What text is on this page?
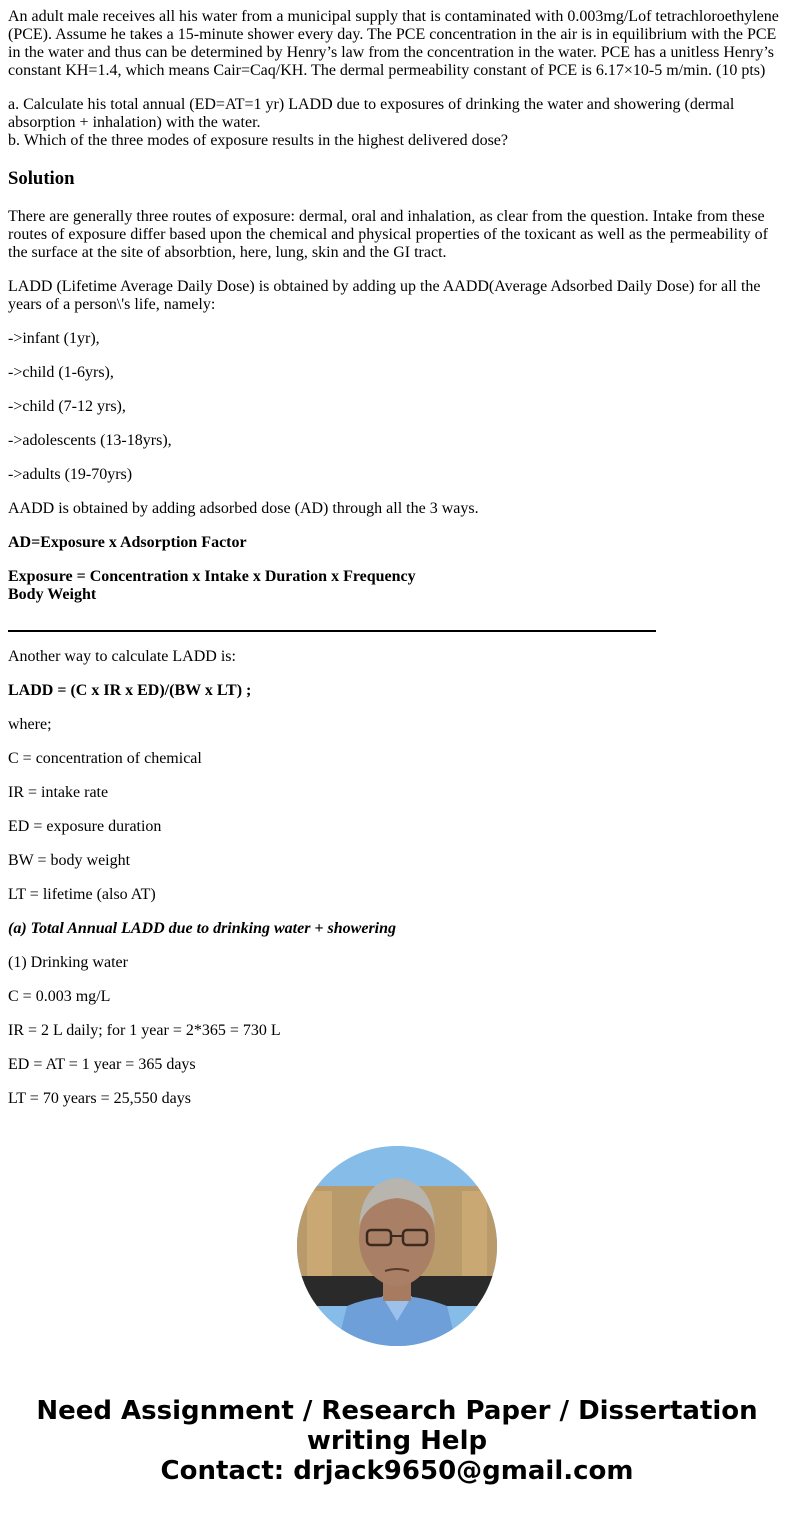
An adult male receives all his water from a municipal supply that is contaminated with 0.003mg/Lof tetrachloroethylene (PCE). Assume he takes a 15-minute shower every day. The PCE concentration in the air is in equilibrium with the PCE in the water and thus can be determined by Henry’s law from the concentration in the water. PCE has a unitless Henry’s constant KH=1.4, which means Cair=Caq/KH. The dermal permeability constant of PCE is 6.17×10-5 m/min. (10 pts)

a. Calculate his total annual (ED=AT=1 yr) LADD due to exposures of drinking the water and showering (dermal absorption + inhalation) with the water.
b. Which of the three modes of exposure results in the highest delivered dose?

Solution

There are generally three routes of exposure: dermal, oral and inhalation, as clear from the question. Intake from these routes of exposure differ based upon the chemical and physical properties of the toxicant as well as the permeability of the surface at the site of absorbtion, here, lung, skin and the GI tract.

LADD (Lifetime Average Daily Dose) is obtained by adding up the AADD(Average Adsorbed Daily Dose) for all the years of a person\'s life, namely:

->infant (1yr),

->child (1-6yrs),

->child (7-12 yrs),

->adolescents (13-18yrs),

->adults (19-70yrs)

AADD is obtained by adding adsorbed dose (AD) through all the 3 ways.

AD=Exposure x Adsorption Factor

Exposure = Concentration x Intake x Duration x Frequency
Body Weight

Another way to calculate LADD is:

LADD = (C x IR x ED)/(BW x LT) ;

where;

C = concentration of chemical

IR = intake rate

ED = exposure duration

BW = body weight

LT = lifetime (also AT)

(a) Total Annual LADD due to drinking water + showering

(1) Drinking water

C = 0.003 mg/L

IR = 2 L daily; for 1 year = 2*365 = 730 L

ED = AT = 1 year = 365 days

LT = 70 years = 25,550 days

Need Assignment / Research Paper / Dissertation writing Help
Contact: drjack9650@gmail.com
